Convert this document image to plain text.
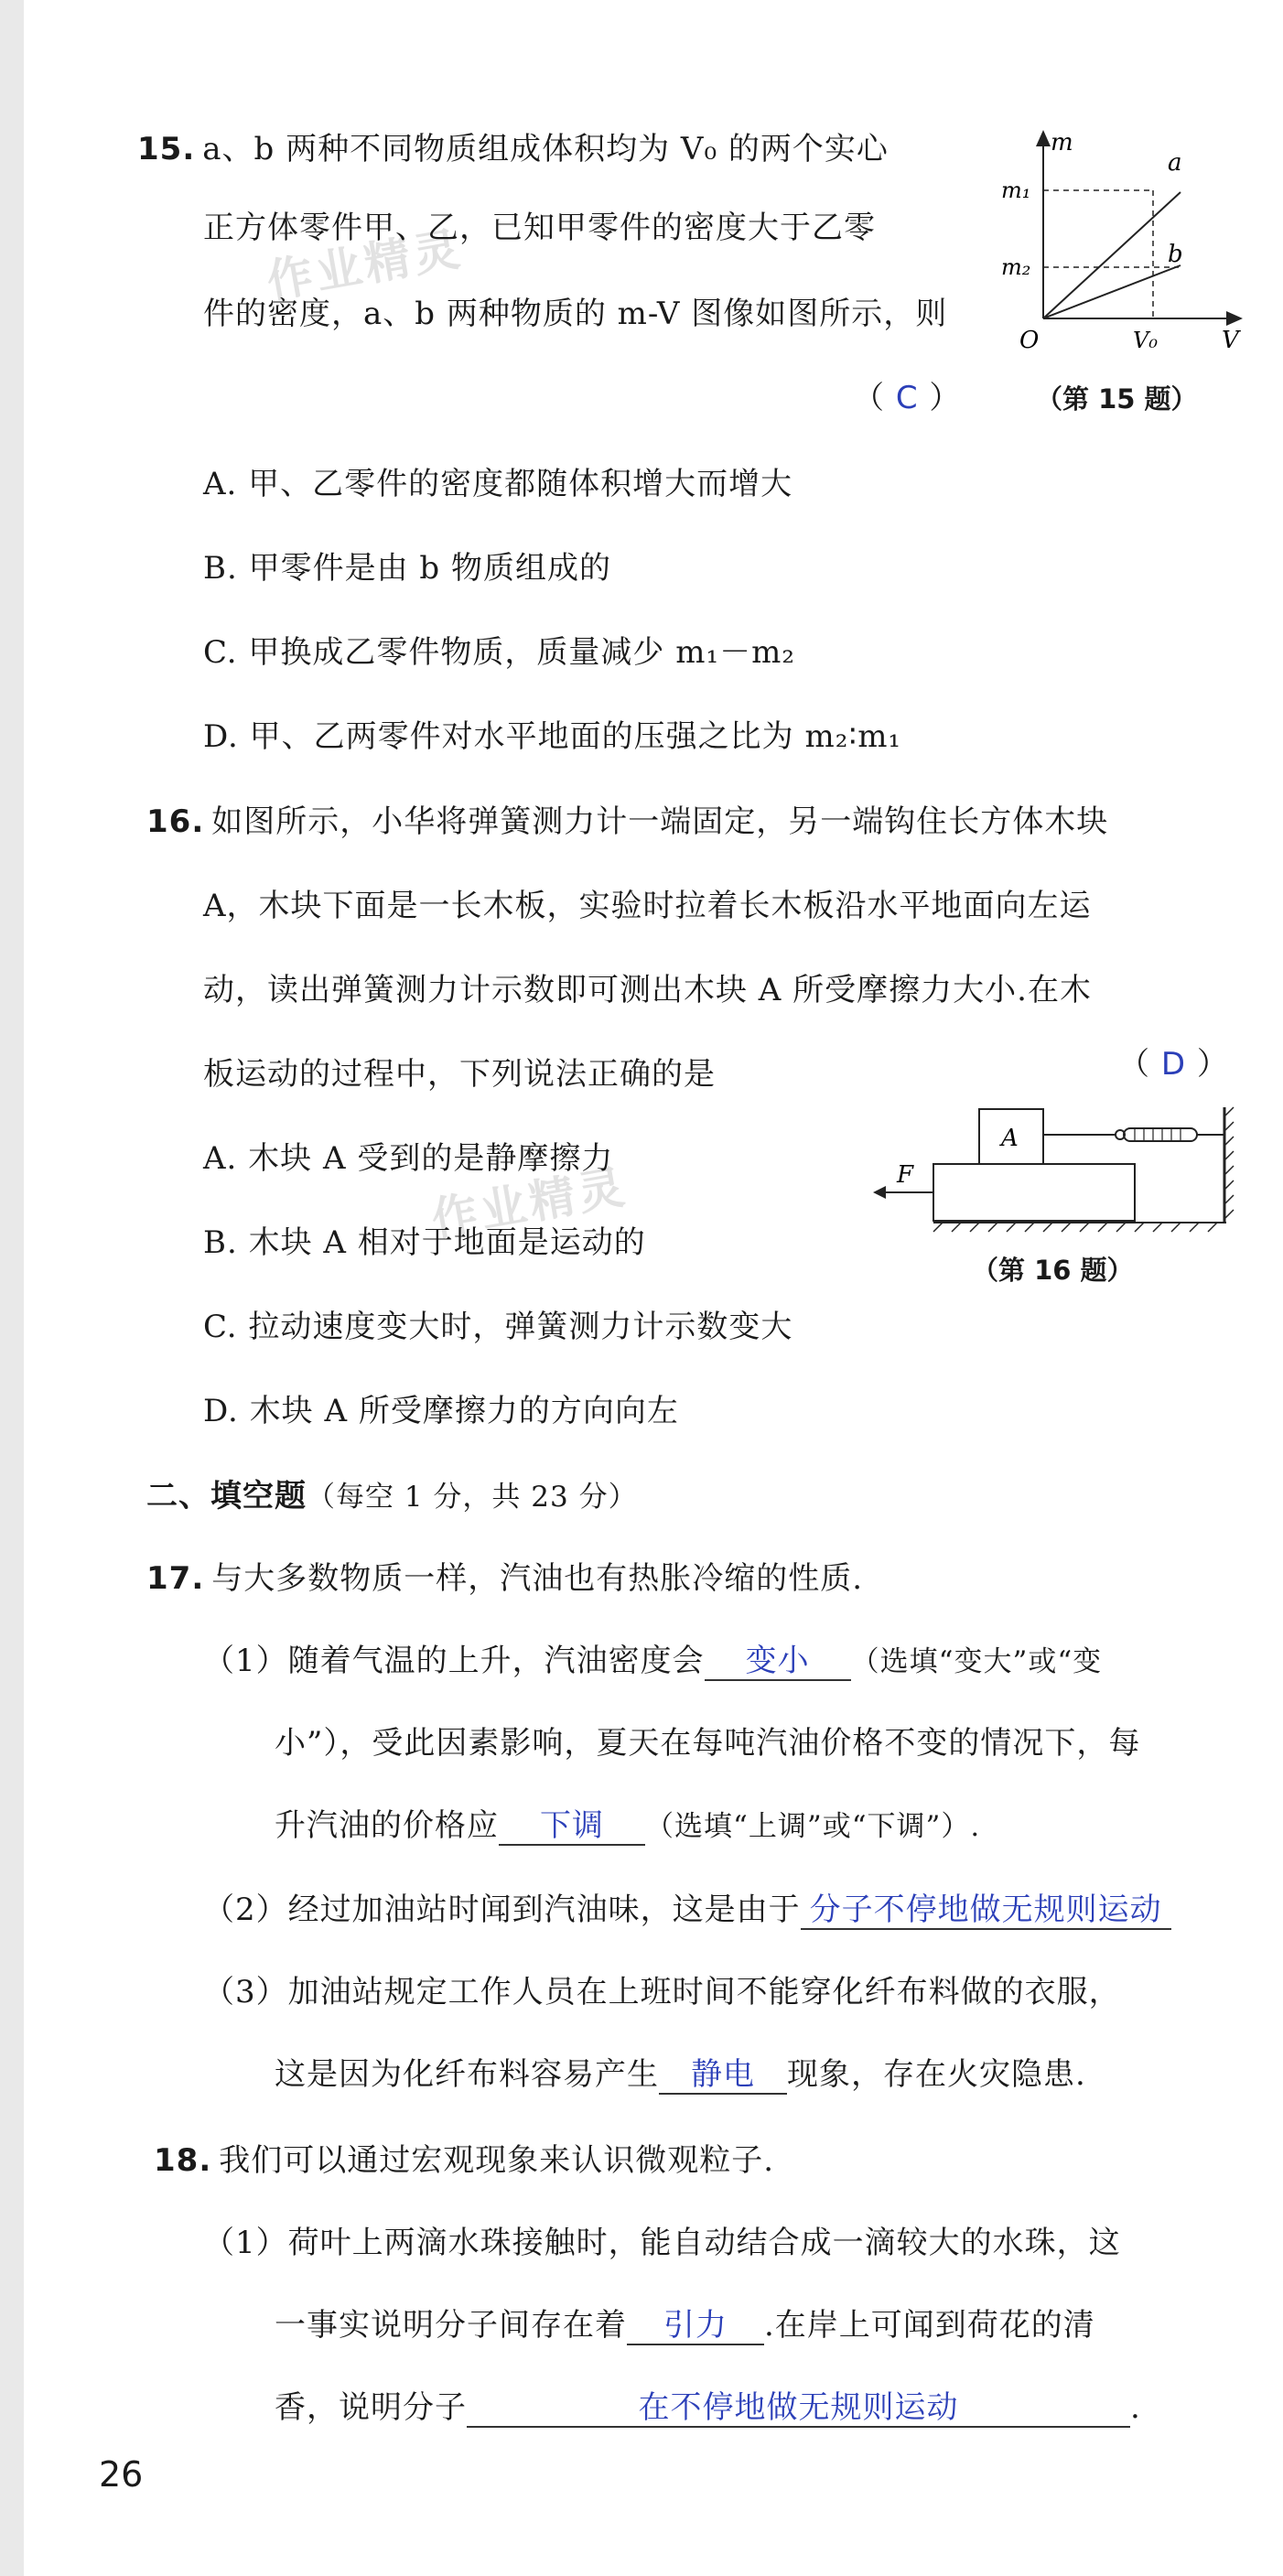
作业精灵
作业精灵
15. a、b 两种不同物质组成体积均为 V₀ 的两个实心
正方体零件甲、乙，已知甲零件的密度大于乙零
件的密度，a、b 两种物质的 m-V 图像如图所示，则
（ C ）	（第 15 题）
m
V
O
m₁
m₂
V₀
a
b
A. 甲、乙零件的密度都随体积增大而增大
B. 甲零件是由 b 物质组成的
C. 甲换成乙零件物质，质量减少 m₁－m₂
D. 甲、乙两零件对水平地面的压强之比为 m₂∶m₁
16. 如图所示，小华将弹簧测力计一端固定，另一端钩住长方体木块
A，木块下面是一长木板，实验时拉着长木板沿水平地面向左运
动，读出弹簧测力计示数即可测出木块 A 所受摩擦力大小.在木
板运动的过程中，下列说法正确的是	（ D ）
A
F
（第 16 题）
A. 木块 A 受到的是静摩擦力
B. 木块 A 相对于地面是运动的
C. 拉动速度变大时，弹簧测力计示数变大
D. 木块 A 所受摩擦力的方向向左
二、填空题（每空 1 分，共 23 分）
17. 与大多数物质一样，汽油也有热胀冷缩的性质.
（1）随着气温的上升，汽油密度会 变小 （选填“变大”或“变
小”），受此因素影响，夏天在每吨汽油价格不变的情况下，每
升汽油的价格应 下调 （选填“上调”或“下调”）.
（2）经过加油站时闻到汽油味，这是由于 分子不停地做无规则运动
（3）加油站规定工作人员在上班时间不能穿化纤布料做的衣服，
这是因为化纤布料容易产生 静电 现象，存在火灾隐患.
18. 我们可以通过宏观现象来认识微观粒子.
（1）荷叶上两滴水珠接触时，能自动结合成一滴较大的水珠，这
一事实说明分子间存在着 引力 .在岸上可闻到荷花的清
香，说明分子	在不停地做无规则运动	.
26
